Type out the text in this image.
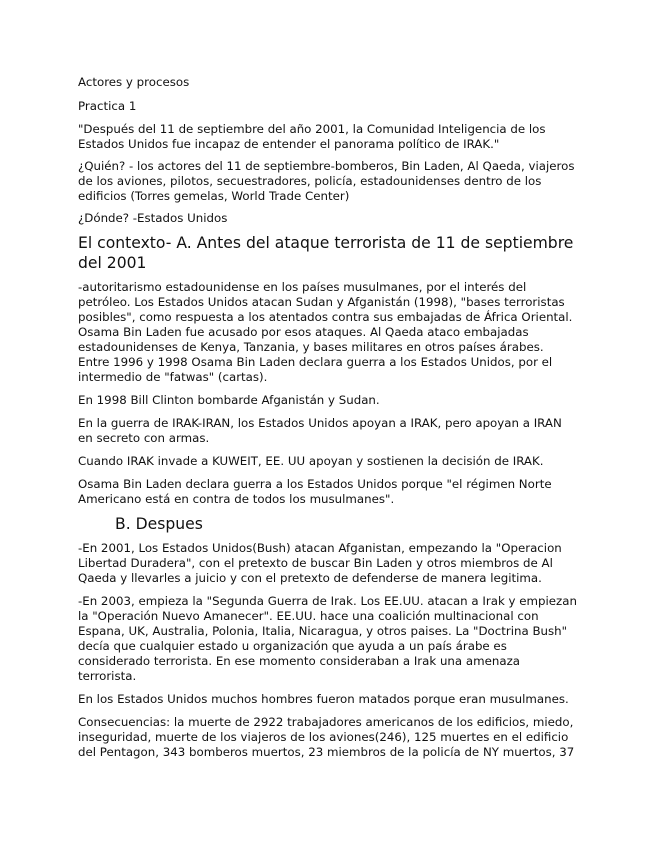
Actores y procesos

Practica 1

"Después del 11 de septiembre del año 2001, la Comunidad Inteligencia de los Estados Unidos fue incapaz de entender el panorama político de IRAK."

¿Quién? - los actores del 11 de septiembre-bomberos, Bin Laden, Al Qaeda, viajeros de los aviones, pilotos, secuestradores, policía, estadounidenses dentro de los edificios (Torres gemelas, World Trade Center)

¿Dónde? -Estados Unidos

El contexto- A. Antes del ataque terrorista de 11 de septiembre del 2001

-autoritarismo estadounidense en los países musulmanes, por el interés del petróleo. Los Estados Unidos atacan Sudan y Afganistán (1998), "bases terroristas posibles", como respuesta a los atentados contra sus embajadas de África Oriental. Osama Bin Laden fue acusado por esos ataques. Al Qaeda ataco embajadas estadounidenses de Kenya, Tanzania, y bases militares en otros países árabes. Entre 1996 y 1998 Osama Bin Laden declara guerra a los Estados Unidos, por el intermedio de "fatwas" (cartas).

En 1998 Bill Clinton bombarde Afganistán y Sudan.

En la guerra de IRAK-IRAN, los Estados Unidos apoyan a IRAK, pero apoyan a IRAN en secreto con armas.

Cuando IRAK invade a KUWEIT, EE. UU apoyan y sostienen la decisión de IRAK.

Osama Bin Laden declara guerra a los Estados Unidos porque "el régimen Norte Americano está en contra de todos los musulmanes".

B. Despues

-En 2001, Los Estados Unidos(Bush) atacan Afganistan, empezando la "Operacion Libertad Duradera", con el pretexto de buscar Bin Laden y otros miembros de Al Qaeda y llevarles a juicio y con el pretexto de defenderse de manera legitima.

-En 2003, empieza la "Segunda Guerra de Irak. Los EE.UU. atacan a Irak y empiezan la "Operación Nuevo Amanecer". EE.UU. hace una coalición multinacional con Espana, UK, Australia, Polonia, Italia, Nicaragua, y otros paises. La "Doctrina Bush" decía que cualquier estado u organización que ayuda a un país árabe es considerado terrorista. En ese momento consideraban a Irak una amenaza terrorista.

En los Estados Unidos muchos hombres fueron matados porque eran musulmanes.

Consecuencias: la muerte de 2922 trabajadores americanos de los edificios, miedo, inseguridad, muerte de los viajeros de los aviones(246), 125 muertes en el edificio del Pentagon, 343 bomberos muertos, 23 miembros de la policía de NY muertos, 37
